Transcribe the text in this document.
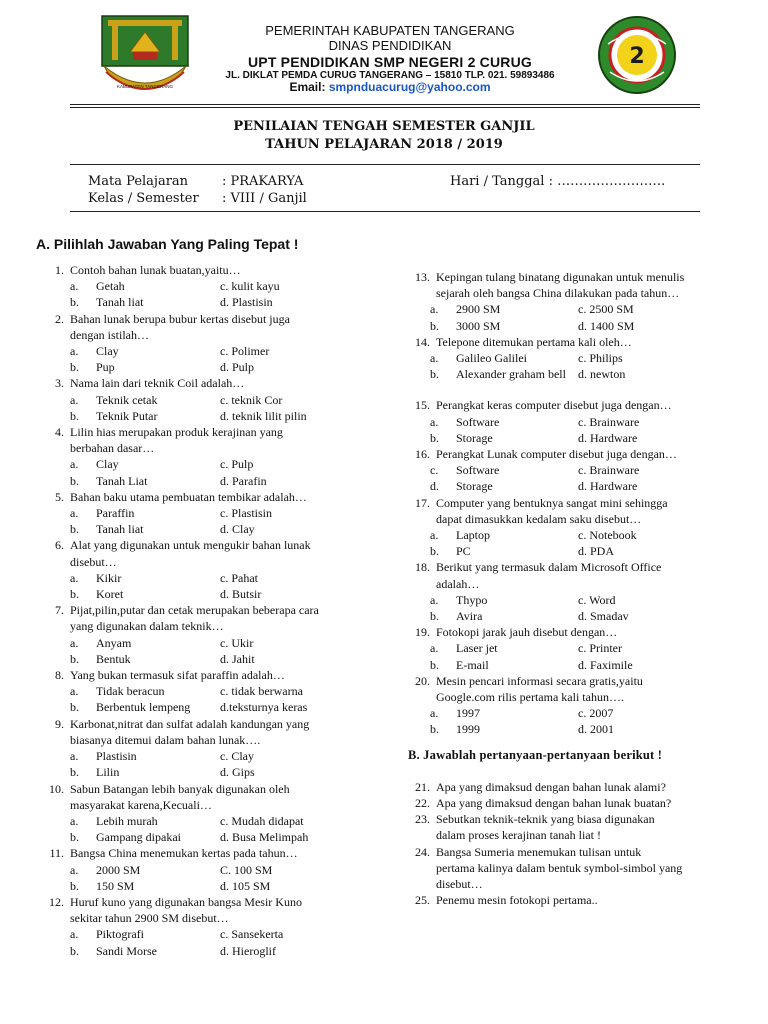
KABUPATEN TANGERANG
PEMERINTAH KABUPATEN TANGERANG
DINAS PENDIDIKAN
UPT PENDIDIKAN SMP NEGERI 2 CURUG
JL. DIKLAT PEMDA CURUG TANGERANG – 15810 TLP. 021. 59893486
Email: smpnduacurug@yahoo.com
2
PENILAIAN TENGAH SEMESTER GANJIL
TAHUN PELAJARAN 2018 / 2019
Mata Pelajaran	: PRAKARYA
Kelas / Semester : VIII / Ganjil
Hari / Tanggal : …………………….
A. Pilihlah Jawaban Yang Paling Tepat !
1. Contoh bahan lunak buatan,yaitu…
a.	Getah	c. kulit kayu
b.	Tanah liat	d. Plastisin
2. Bahan lunak berupa bubur kertas disebut juga
dengan istilah…
a.	Clay	c. Polimer
b.	Pup	d. Pulp
3. Nama lain dari teknik Coil adalah…
a.	Teknik cetak	c. teknik Cor
b.	Teknik Putar	d. teknik lilit pilin
4. Lilin hias merupakan produk kerajinan yang
berbahan dasar…
a.	Clay	c. Pulp
b.	Tanah Liat	d. Parafin
5. Bahan baku utama pembuatan tembikar adalah…
a.	Paraffin	c. Plastisin
b.	Tanah liat	d. Clay
6. Alat yang digunakan untuk mengukir bahan lunak
disebut…
a.	Kikir	c. Pahat
b.	Koret	d. Butsir
7. Pijat,pilin,putar dan cetak merupakan beberapa cara
yang digunakan dalam teknik…
a.	Anyam	c. Ukir
b.	Bentuk	d. Jahit
8. Yang bukan termasuk sifat paraffin adalah…
a.	Tidak beracun	c. tidak berwarna
b.	Berbentuk lempeng d.teksturnya keras
9. Karbonat,nitrat dan sulfat adalah kandungan yang
biasanya ditemui dalam bahan lunak….
a.	Plastisin	c. Clay
b.	Lilin	d. Gips
10. Sabun Batangan lebih banyak digunakan oleh
masyarakat karena,Kecuali…
a.	Lebih murah	c. Mudah didapat
b.	Gampang dipakai	d. Busa Melimpah
11. Bangsa China menemukan kertas pada tahun…
a.	2000 SM	C. 100 SM
b.	150 SM	d. 105 SM
12. Huruf kuno yang digunakan bangsa Mesir Kuno
sekitar tahun 2900 SM disebut…
a.	Piktografi	c. Sansekerta
b.	Sandi Morse	d. Hieroglif
13. Kepingan tulang binatang digunakan untuk menulis
sejarah oleh bangsa China dilakukan pada tahun…
a.	2900 SM	c. 2500 SM
b.	3000 SM	d. 1400 SM
14. Telepone ditemukan pertama kali oleh…
a.	Galileo Galilei	c. Philips
b.	Alexander graham bell d. newton
15. Perangkat keras computer disebut juga dengan…
a.	Software	c. Brainware
b.	Storage	d. Hardware
16. Perangkat Lunak computer disebut juga dengan…
c.	Software	c. Brainware
d.	Storage	d. Hardware
17. Computer yang bentuknya sangat mini sehingga
dapat dimasukkan kedalam saku disebut…
a.	Laptop	c. Notebook
b.	PC	d. PDA
18. Berikut yang termasuk dalam Microsoft Office
adalah…
a.	Thypo	c. Word
b.	Avira	d. Smadav
19. Fotokopi jarak jauh disebut dengan…
a.	Laser jet	c. Printer
b.	E-mail	d. Faximile
20. Mesin pencari informasi secara gratis,yaitu
Google.com rilis pertama kali tahun….
a.	1997	c. 2007
b.	1999	d. 2001
B. Jawablah pertanyaan-pertanyaan berikut !
21. Apa yang dimaksud dengan bahan lunak alami?
22. Apa yang dimaksud dengan bahan lunak buatan?
23. Sebutkan teknik-teknik yang biasa digunakan
dalam proses kerajinan tanah liat !
24. Bangsa Sumeria menemukan tulisan untuk
pertama kalinya dalam bentuk symbol-simbol yang
disebut…
25. Penemu mesin fotokopi pertama..
